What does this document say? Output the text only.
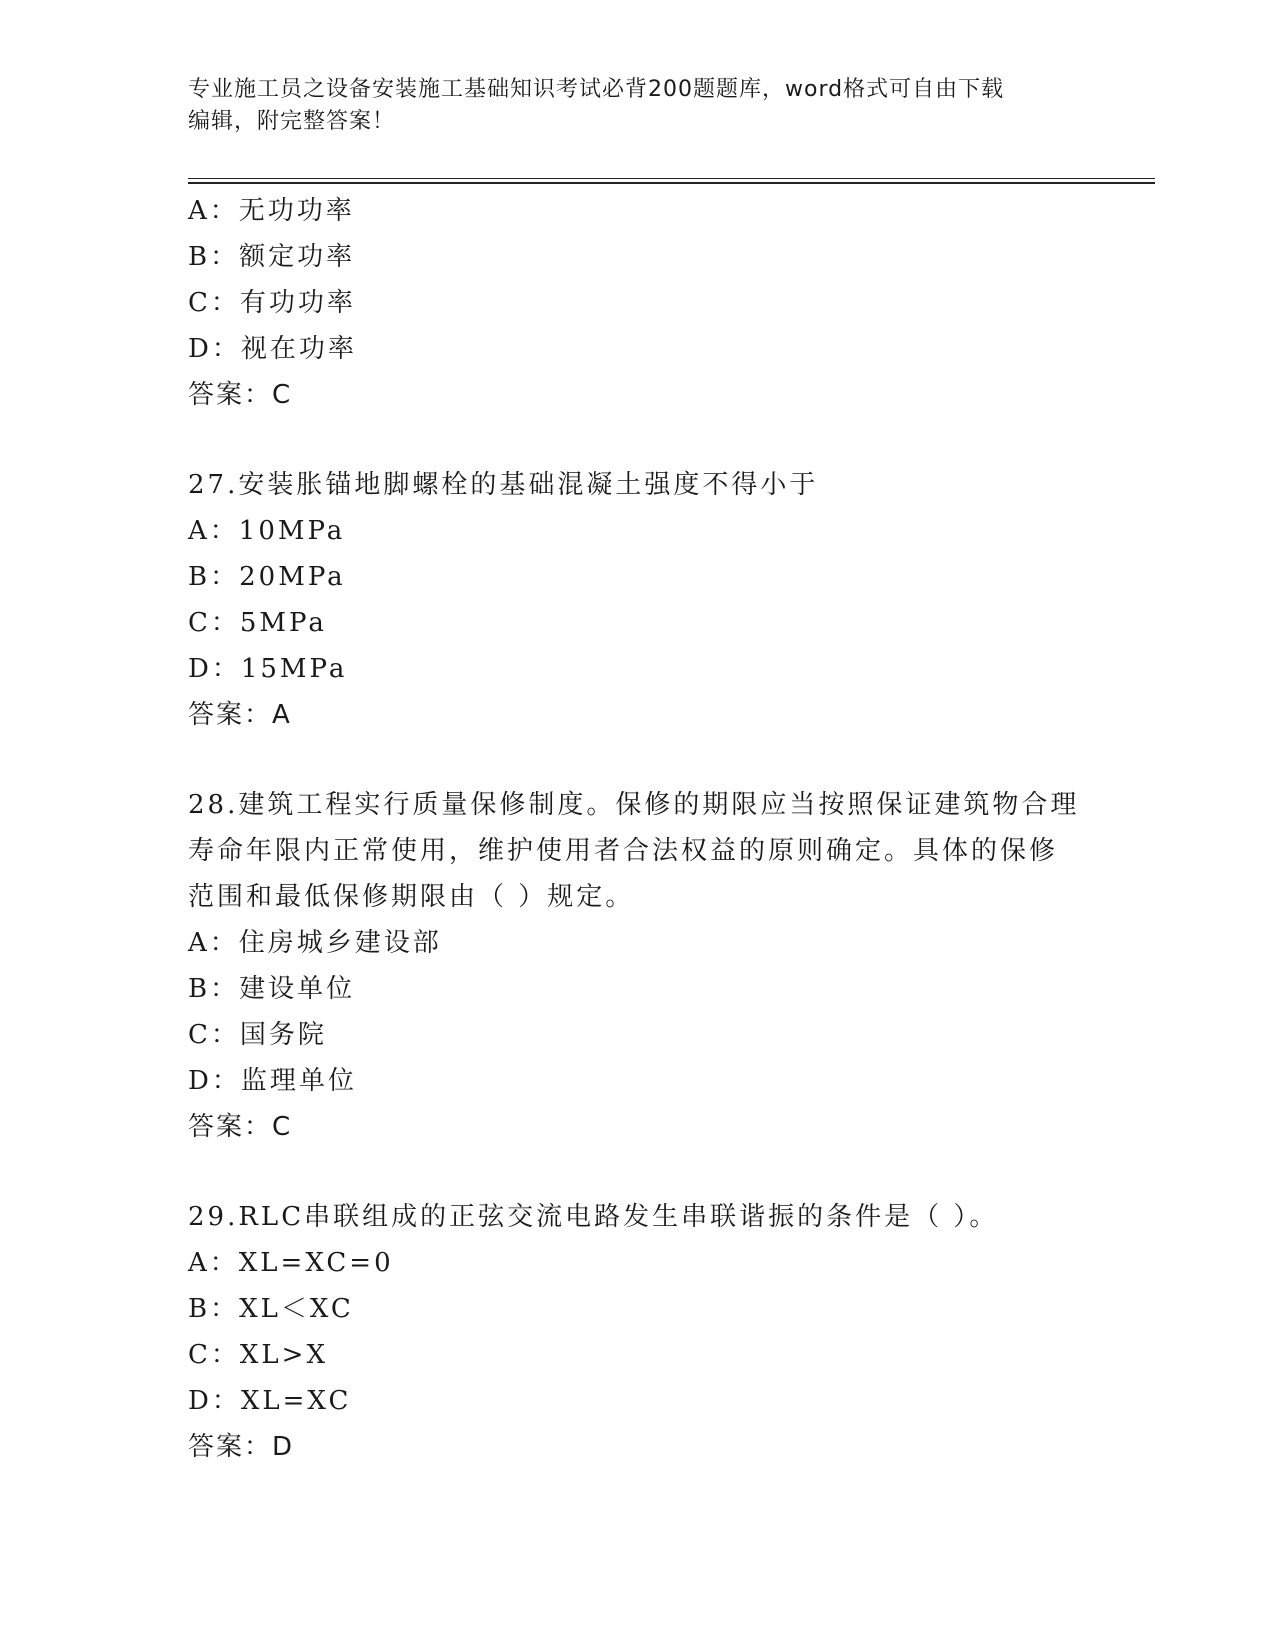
专业施工员之设备安装施工基础知识考试必背200题题库，word格式可自由下载
编辑，附完整答案！
A：无功功率
B：额定功率
C：有功功率
D：视在功率
答案：C
27.安装胀锚地脚螺栓的基础混凝土强度不得小于
A：10MPa
B：20MPa
C：5MPa
D：15MPa
答案：A
28.建筑工程实行质量保修制度。保修的期限应当按照保证建筑物合理
寿命年限内正常使用，维护使用者合法权益的原则确定。具体的保修
范围和最低保修期限由（ ）规定。
A：住房城乡建设部
B：建设单位
C：国务院
D：监理单位
答案：C
29.RLC串联组成的正弦交流电路发生串联谐振的条件是（ ）。
A：XL=XC=0
B：XL＜XC
C：XL>X
D：XL=XC
答案：D
